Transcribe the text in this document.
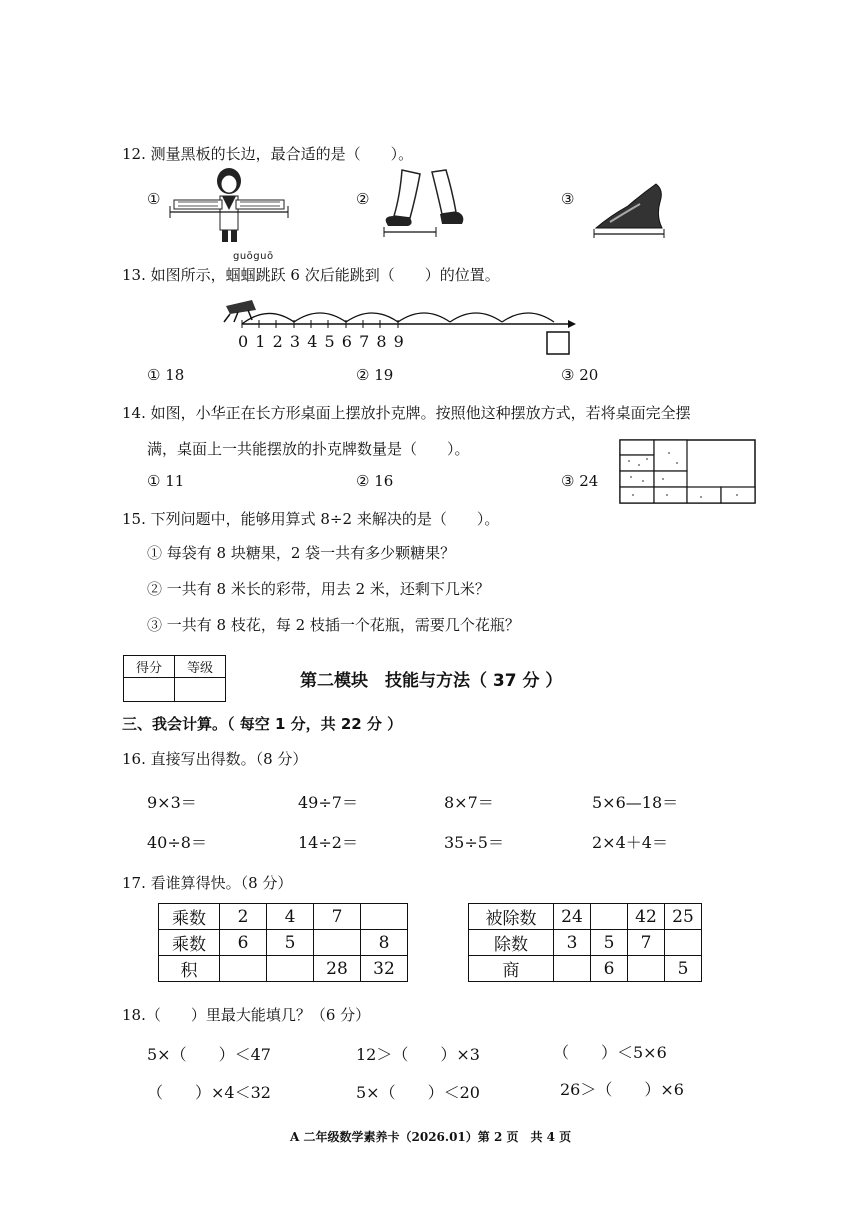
12. 测量黑板的长边，最合适的是（　　）。
①	②	③
guōguō
13. 如图所示，蝈蝈跳跃 6 次后能跳到（　　）的位置。
0 1 2 3 4 5 6 7 8 9
① 18	② 19	③ 20
14. 如图，小华正在长方形桌面上摆放扑克牌。按照他这种摆放方式，若将桌面完全摆
满，桌面上一共能摆放的扑克牌数量是（　　）。
① 11	② 16	③ 24
15. 下列问题中，能够用算式 8÷2 来解决的是（　　）。
① 每袋有 8 块糖果，2 袋一共有多少颗糖果？
② 一共有 8 米长的彩带，用去 2 米，还剩下几米？
③ 一共有 8 枝花，每 2 枝插一个花瓶，需要几个花瓶？
得分	等级

第二模块　技能与方法（ 37 分 ）
三、我会计算。（ 每空 1 分，共 22 分 ）
16. 直接写出得数。（8 分）
9×3＝	49÷7＝	8×7＝	5×6—18＝
40÷8＝	14÷2＝	35÷5＝	2×4＋4＝
17. 看谁算得快。（8 分）
乘数	2	4	7	
乘数	6	5		8
积			28	32
被除数	24		42	25
除数	3	5	7	
商		6		5
18.（　　）里最大能填几？（6 分）
5×（　　）＜47	12＞（　　）×3	（　　）＜5×6
（　　）×4＜32	5×（　　）＜20	26＞（　　）×6
A 二年级数学素养卡（2026.01）第 2 页　共 4 页
